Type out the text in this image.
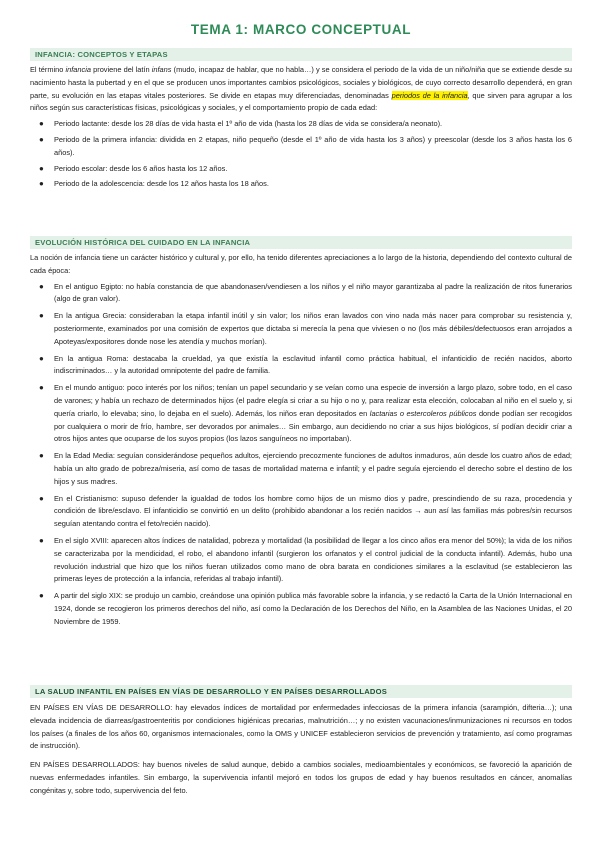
TEMA 1: MARCO CONCEPTUAL
INFANCIA: CONCEPTOS Y ETAPAS

El término infancia proviene del latín infans (mudo, incapaz de hablar, que no habla…) y se considera el periodo de la vida de un niño/niña que se extiende desde su nacimiento hasta la pubertad y en el que se producen unos importantes cambios psicológicos, sociales y biológicos, de cuyo correcto desarrollo dependerá, en gran parte, su evolución en las etapas vitales posteriores. Se divide en etapas muy diferenciadas, denominadas periodos de la infancia, que sirven para agrupar a los niños según sus características físicas, psicológicas y sociales, y el comportamiento propio de cada edad:

● Periodo lactante: desde los 28 días de vida hasta el 1º año de vida (hasta los 28 días de vida se considera/a neonato).
● Periodo de la primera infancia: dividida en 2 etapas, niño pequeño (desde el 1º año de vida hasta los 3 años) y preescolar (desde los 3 años hasta los 6 años).
● Periodo escolar: desde los 6 años hasta los 12 años.
● Periodo de la adolescencia: desde los 12 años hasta los 18 años.
EVOLUCIÓN HISTÓRICA DEL CUIDADO EN LA INFANCIA

La noción de infancia tiene un carácter histórico y cultural y, por ello, ha tenido diferentes apreciaciones a lo largo de la historia, dependiendo del contexto cultural de cada época:

● En el antiguo Egipto: no había constancia de que abandonasen/vendiesen a los niños y el niño mayor garantizaba al padre la realización de ritos funerarios (algo de gran valor).
● En la antigua Grecia: consideraban la etapa infantil inútil y sin valor; los niños eran lavados con vino nada más nacer para comprobar su resistencia y, posteriormente, examinados por una comisión de expertos que dictaba si merecía la pena que viviesen o no (los más débiles/defectuosos eran arrojados a Apoteyas/expositores donde nose les atendía y muchos morían).
● En la antigua Roma: destacaba la crueldad, ya que existía la esclavitud infantil como práctica habitual, el infanticidio de recién nacidos, aborto indiscriminados… y la autoridad omnipotente del padre de familia.
● En el mundo antiguo: poco interés por los niños; tenían un papel secundario y se veían como una especie de inversión a largo plazo, sobre todo, en el caso de varones; y había un rechazo de determinados hijos (el padre elegía si criar a su hijo o no y, para realizar esta elección, colocaban al niño en el suelo y, si quería criarlo, lo elevaba; sino, lo dejaba en el suelo). Además, los niños eran depositados en lactarias o estercoleros públicos donde podían ser recogidos por cualquiera o morir de frío, hambre, ser devorados por animales… Sin embargo, aun decidiendo no criar a sus hijos biológicos, sí podían decidir criar a otros hijos antes que ocuparse de los suyos propios (los lazos sanguíneos no importaban).
● En la Edad Media: seguían considerándose pequeños adultos, ejerciendo precozmente funciones de adultos inmaduros, aún desde los cuatro años de edad; había un alto grado de pobreza/miseria, así como de tasas de mortalidad materna e infantil; y el padre seguía ejerciendo el derecho sobre el destino de los hijos y sus madres.
● En el Cristianismo: supuso defender la igualdad de todos los hombre como hijos de un mismo dios y padre, prescindiendo de su raza, procedencia y condición de libre/esclavo. El infanticidio se convirtió en un delito (prohibido abandonar a los recién nacidos → aun así las familias más pobres/sin recursos seguían atentando contra el feto/recién nacido).
● En el siglo XVIII: aparecen altos índices de natalidad, pobreza y mortalidad (la posibilidad de llegar a los cinco años era menor del 50%); la vida de los niños se caracterizaba por la mendicidad, el robo, el abandono infantil (surgieron los orfanatos y el control judicial de la conducta infantil). Además, hubo una revolución industrial que hizo que los niños fueran utilizados como mano de obra barata en condiciones similares a la esclavitud (se establecieron las primeras leyes de protección a la infancia, referidas al trabajo infantil).
● A partir del siglo XIX: se produjo un cambio, creándose una opinión publica más favorable sobre la infancia, y se redactó la Carta de la Unión Internacional en 1924, donde se recogieron los primeros derechos del niño, así como la Declaración de los Derechos del Niño, en la Asamblea de las Naciones Unidas, el 20 Noviembre de 1959.
LA SALUD INFANTIL EN PAÍSES EN VÍAS DE DESARROLLO Y EN PAÍSES DESARROLLADOS

EN PAÍSES EN VÍAS DE DESARROLLO: hay elevados índices de mortalidad por enfermedades infecciosas de la primera infancia (sarampión, difteria…); una elevada incidencia de diarreas/gastroenteritis por condiciones higiénicas precarias, malnutrición…; y no existen vacunaciones/inmunizaciones ni recursos en todos los países (a finales de los años 60, organismos internacionales, como la OMS y UNICEF establecieron servicios de prevención y tratamiento, así como programas de instrucción).

EN PAÍSES DESARROLLADOS: hay buenos niveles de salud aunque, debido a cambios sociales, medioambientales y económicos, se favoreció la aparición de nuevas enfermedades infantiles. Sin embargo, la supervivencia infantil mejoró en todos los grupos de edad y hay buenos resultados en cáncer, anomalías congénitas y, sobre todo, supervivencia del feto.
